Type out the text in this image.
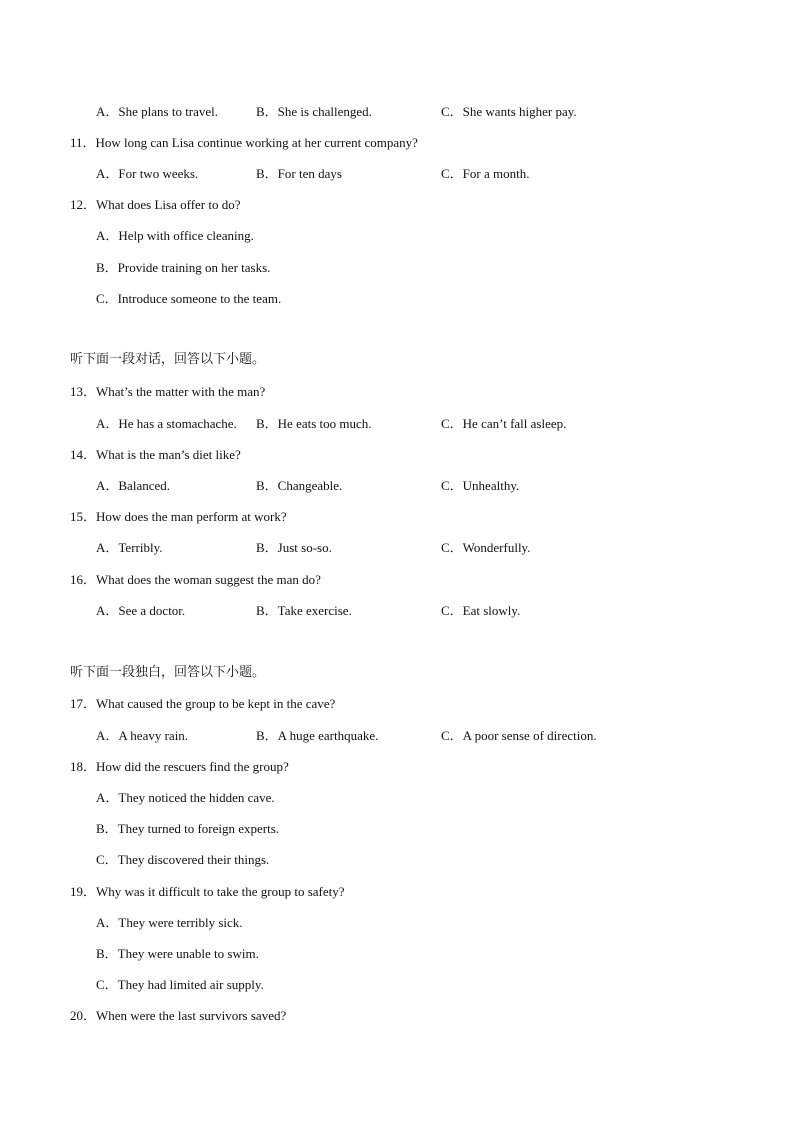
A．She plans to travel.	B．She is challenged.	C．She wants higher pay.
11．How long can Lisa continue working at her current company?
A．For two weeks.	B．For ten days	C．For a month.
12．What does Lisa offer to do?
A．Help with office cleaning.
B．Provide training on her tasks.
C．Introduce someone to the team.
听下面一段对话，回答以下小题。
13．What’s the matter with the man?
A．He has a stomachache. B．He eats too much.	C．He can’t fall asleep.
14．What is the man’s diet like?
A．Balanced.	B．Changeable.	C．Unhealthy.
15．How does the man perform at work?
A．Terribly.	B．Just so-so.	C．Wonderfully.
16．What does the woman suggest the man do?
A．See a doctor.	B．Take exercise.	C．Eat slowly.
听下面一段独白，回答以下小题。
17．What caused the group to be kept in the cave?
A．A heavy rain.	B．A huge earthquake.	C．A poor sense of direction.
18．How did the rescuers find the group?
A．They noticed the hidden cave.
B．They turned to foreign experts.
C．They discovered their things.
19．Why was it difficult to take the group to safety?
A．They were terribly sick.
B．They were unable to swim.
C．They had limited air supply.
20．When were the last survivors saved?
